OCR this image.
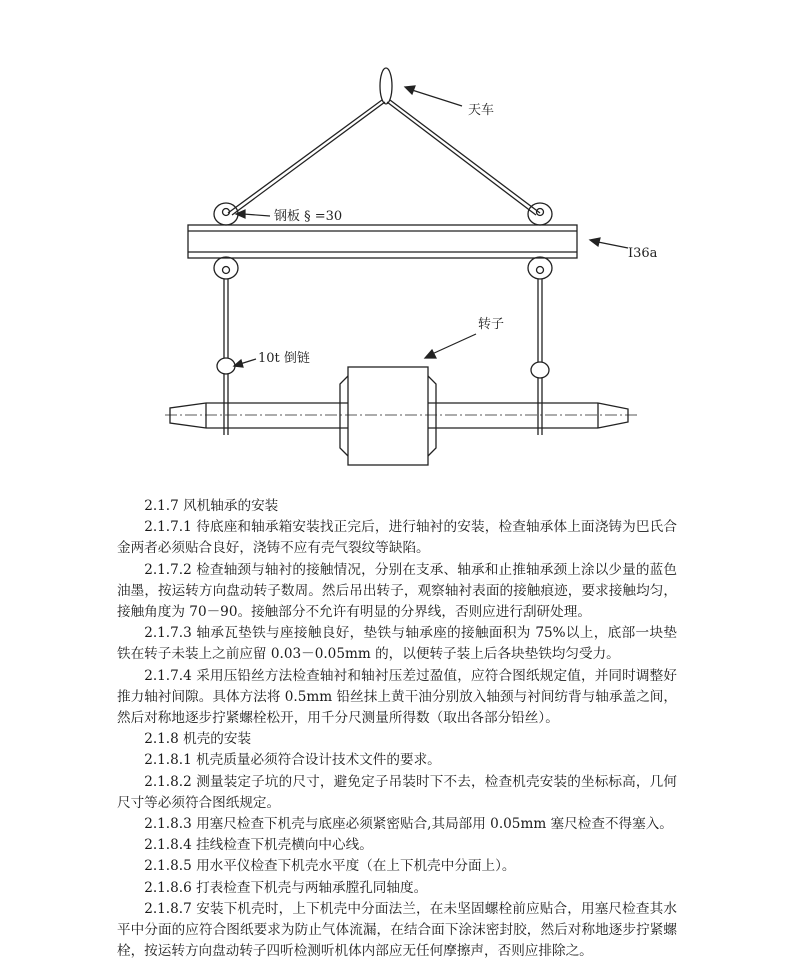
天车
钢板 § =30
I36a
转子
10t 倒链

2.1.7 风机轴承的安装

2.1.7.1 待底座和轴承箱安装找正完后，进行轴衬的安装，检查轴承体上面浇铸为巴氏合金两者必须贴合良好，浇铸不应有壳气裂纹等缺陷。

2.1.7.2 检查轴颈与轴衬的接触情况，分别在支承、轴承和止推轴承颈上涂以少量的蓝色油墨，按运转方向盘动转子数周。然后吊出转子，观察轴衬表面的接触痕迹，要求接触均匀，接触角度为 70－90。接触部分不允许有明显的分界线，否则应进行刮研处理。

2.1.7.3 轴承瓦垫铁与座接触良好，垫铁与轴承座的接触面积为 75%以上，底部一块垫铁在转子未装上之前应留 0.03－0.05mm 的，以便转子装上后各块垫铁均匀受力。

2.1.7.4 采用压铅丝方法检查轴衬和轴衬压差过盈值，应符合图纸规定值，并同时调整好推力轴衬间隙。具体方法将 0.5mm 铅丝抹上黄干油分别放入轴颈与衬间纺背与轴承盖之间，然后对称地逐步拧紧螺栓松开，用千分尺测量所得数（取出各部分铅丝）。

2.1.8 机壳的安装

2.1.8.1 机壳质量必须符合设计技术文件的要求。

2.1.8.2 测量装定子坑的尺寸，避免定子吊装时下不去，检查机壳安装的坐标标高，几何尺寸等必须符合图纸规定。

2.1.8.3 用塞尺检查下机壳与底座必须紧密贴合,其局部用 0.05mm 塞尺检查不得塞入。

2.1.8.4 挂线检查下机壳横向中心线。

2.1.8.5 用水平仪检查下机壳水平度（在上下机壳中分面上）。

2.1.8.6 打表检查下机壳与两轴承膛孔同轴度。

2.1.8.7 安装下机壳时，上下机壳中分面法兰，在未坚固螺栓前应贴合，用塞尺检查其水平中分面的应符合图纸要求为防止气体流漏，在结合面下涂沫密封胶，然后对称地逐步拧紧螺栓，按运转方向盘动转子四听检测听机体内部应无任何摩擦声，否则应排除之。
